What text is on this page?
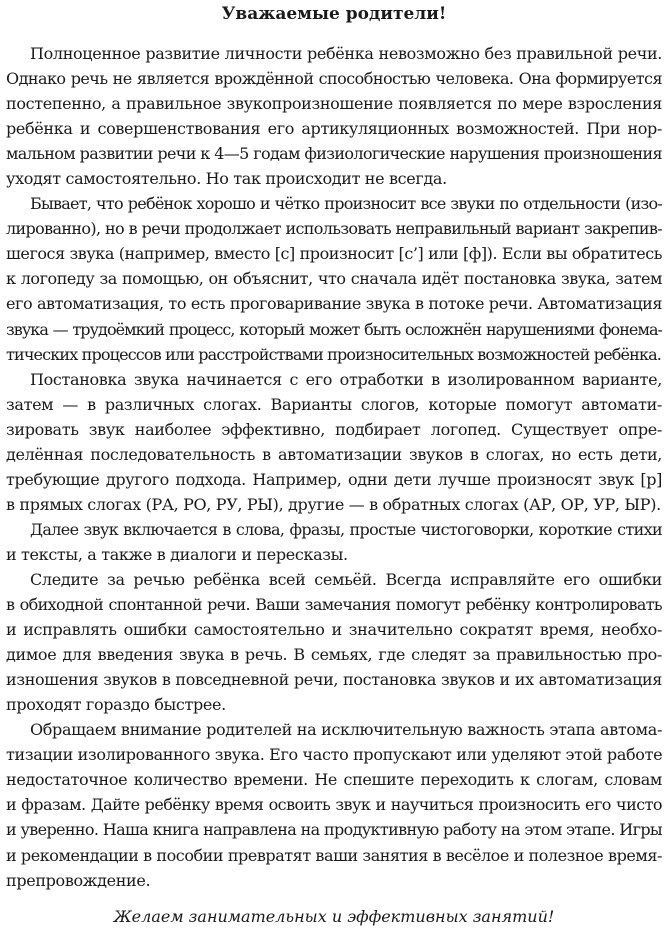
Уважаемые родители!
Полноценное развитие личности ребёнка невозможно без правильной речи.
Однако речь не является врождённой способностью человека. Она формируется
постепенно, а правильное звукопроизношение появляется по мере взросления
ребёнка и совершенствования его артикуляционных возможностей. При нор-
мальном развитии речи к 4—5 годам физиологические нарушения произношения
уходят самостоятельно. Но так происходит не всегда.
Бывает, что ребёнок хорошо и чётко произносит все звуки по отдельности (изо-
лированно), но в речи продолжает использовать неправильный вариант закрепив-
шегося звука (например, вместо [с] произносит [с’] или [ф]). Если вы обратитесь
к логопеду за помощью, он объяснит, что сначала идёт постановка звука, затем
его автоматизация, то есть проговаривание звука в потоке речи. Автоматизация
звука — трудоёмкий процесс, который может быть осложнён нарушениями фонема-
тических процессов или расстройствами произносительных возможностей ребёнка.
Постановка звука начинается с его отработки в изолированном варианте,
затем — в различных слогах. Варианты слогов, которые помогут автомати-
зировать звук наиболее эффективно, подбирает логопед. Существует опре-
делённая последовательность в автоматизации звуков в слогах, но есть дети,
требующие другого подхода. Например, одни дети лучше произносят звук [р]
в прямых слогах (РА, РО, РУ, РЫ), другие — в обратных слогах (АР, ОР, УР, ЫР).
Далее звук включается в слова, фразы, простые чистоговорки, короткие стихи
и тексты, а также в диалоги и пересказы.
Следите за речью ребёнка всей семьёй. Всегда исправляйте его ошибки
в обиходной спонтанной речи. Ваши замечания помогут ребёнку контролировать
и исправлять ошибки самостоятельно и значительно сократят время, необхо-
димое для введения звука в речь. В семьях, где следят за правильностью про-
изношения звуков в повседневной речи, постановка звуков и их автоматизация
проходят гораздо быстрее.
Обращаем внимание родителей на исключительную важность этапа автома-
тизации изолированного звука. Его часто пропускают или уделяют этой работе
недостаточное количество времени. Не спешите переходить к слогам, словам
и фразам. Дайте ребёнку время освоить звук и научиться произносить его чисто
и уверенно. Наша книга направлена на продуктивную работу на этом этапе. Игры
и рекомендации в пособии превратят ваши занятия в весёлое и полезное время-
препровождение.
Желаем занимательных и эффективных занятий!
